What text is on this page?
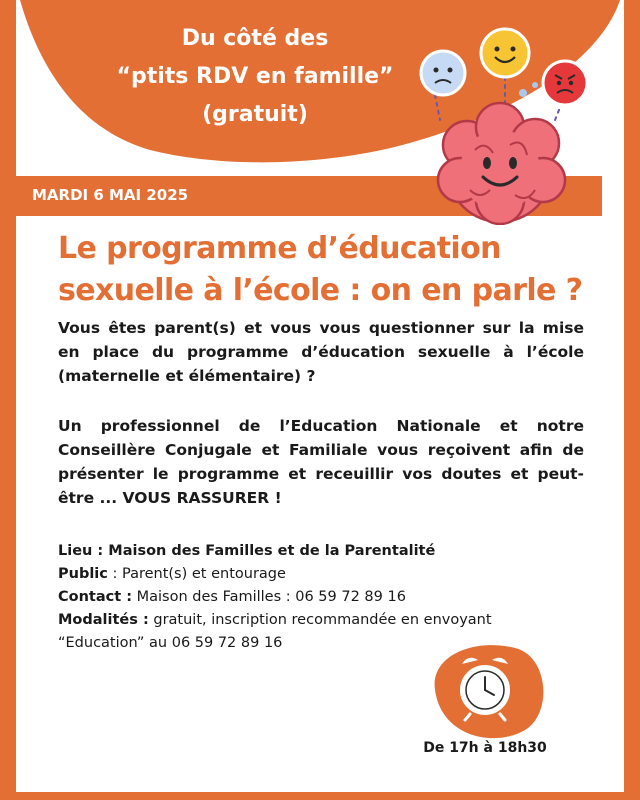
Du côté des
“ptits RDV en famille”
(gratuit)
MARDI 6 MAI 2025
Le programme d’éducation
sexuelle à l’école : on en parle ?
Vous êtes parent(s) et vous vous questionner sur la mise en place du programme d’éducation sexuelle à l’école (maternelle et élémentaire) ?
Un professionnel de l’Education Nationale et notre Conseillère Conjugale et Familiale vous reçoivent afin de présenter le programme et receuillir vos doutes et peut-être ... VOUS RASSURER !
Lieu : Maison des Familles et de la Parentalité
Public : Parent(s) et entourage
Contact : Maison des Familles : 06 59 72 89 16
Modalités : gratuit, inscription recommandée en envoyant
“Education” au 06 59 72 89 16
De 17h à 18h30
